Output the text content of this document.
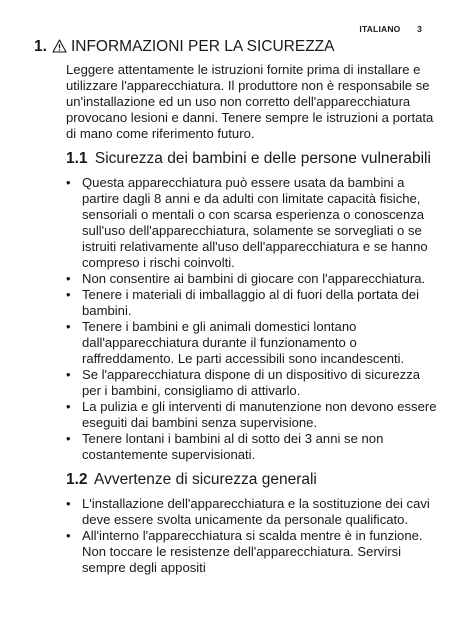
ITALIANO 3
1. INFORMAZIONI PER LA SICUREZZA

Leggere attentamente le istruzioni fornite prima di installare e utilizzare l'apparecchiatura. Il produttore non è responsabile se un'installazione ed un uso non corretto dell'apparecchiatura provocano lesioni e danni. Tenere sempre le istruzioni a portata di mano come riferimento futuro.

1.1 Sicurezza dei bambini e delle persone vulnerabili
• Questa apparecchiatura può essere usata da bambini a partire dagli 8 anni e da adulti con limitate capacità fisiche, sensoriali o mentali o con scarsa esperienza o conoscenza sull'uso dell'apparecchiatura, solamente se sorvegliati o se istruiti relativamente all'uso dell'apparecchiatura e se hanno compreso i rischi coinvolti.
• Non consentire ai bambini di giocare con l'apparecchiatura.
• Tenere i materiali di imballaggio al di fuori della portata dei bambini.
• Tenere i bambini e gli animali domestici lontano dall'apparecchiatura durante il funzionamento o raffreddamento. Le parti accessibili sono incandescenti.
• Se l'apparecchiatura dispone di un dispositivo di sicurezza per i bambini, consigliamo di attivarlo.
• La pulizia e gli interventi di manutenzione non devono essere eseguiti dai bambini senza supervisione.
• Tenere lontani i bambini al di sotto dei 3 anni se non costantemente supervisionati.
1.2 Avvertenze di sicurezza generali
• L'installazione dell'apparecchiatura e la sostituzione dei cavi deve essere svolta unicamente da personale qualificato.
• All'interno l'apparecchiatura si scalda mentre è in funzione. Non toccare le resistenze dell'apparecchiatura. Servirsi sempre degli appositi
